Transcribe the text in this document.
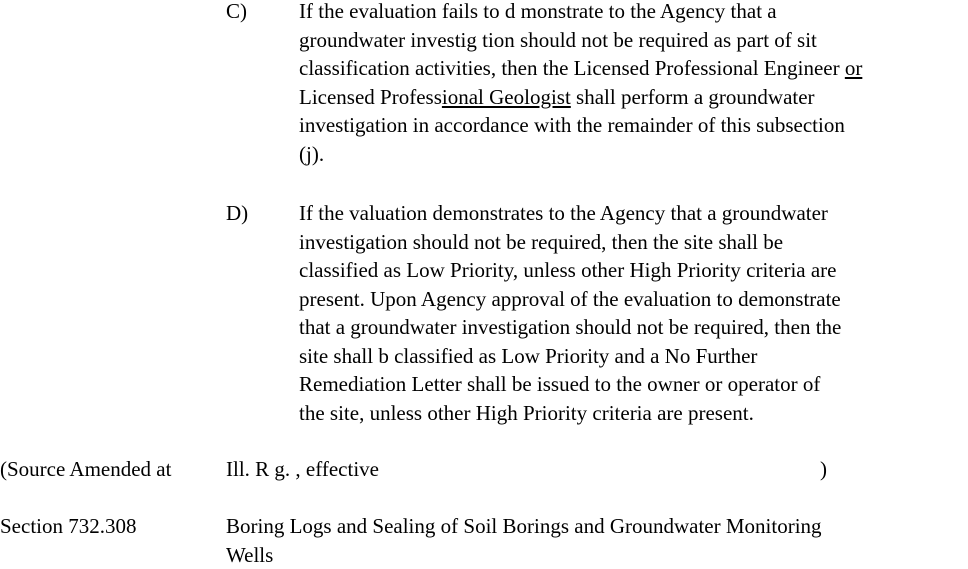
C) If the evaluation fails to d monstrate to the Agency that a
groundwater investig tion should not be required as part of sit
classification activities, then the Licensed Professional Engineer or
Licensed Professional Geologist shall perform a groundwater
investigation in accordance with the remainder of this subsection
(j).
D) If the valuation demonstrates to the Agency that a groundwater
investigation should not be required, then the site shall be
classified as Low Priority, unless other High Priority criteria are
present. Upon Agency approval of the evaluation to demonstrate
that a groundwater investigation should not be required, then the
site shall b classified as Low Priority and a No Further
Remediation Letter shall be issued to the owner or operator of
the site, unless other High Priority criteria are present.
(Source Amended at	Ill. R g. , effective	)
Section 732.308	Boring Logs and Sealing of Soil Borings and Groundwater Monitoring
Wells
